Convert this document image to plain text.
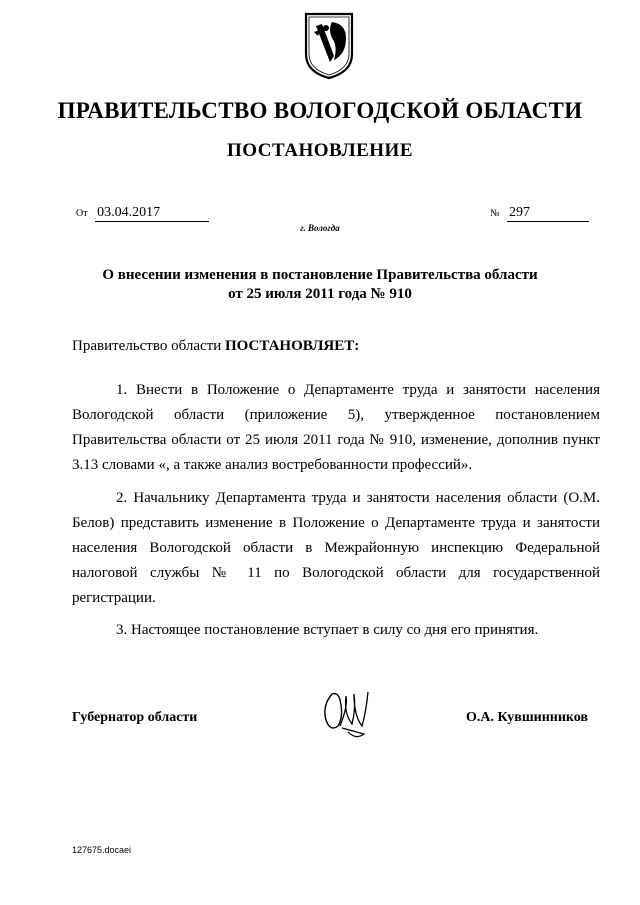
ПРАВИТЕЛЬСТВО ВОЛОГОДСКОЙ ОБЛАСТИ
ПОСТАНОВЛЕНИЕ
От 03.04.2017	№ 297
г. Вологда
О внесении изменения в постановление Правительства области
от 25 июля 2011 года № 910
Правительство области ПОСТАНОВЛЯЕТ:
1. Внести в Положение о Департаменте труда и занятости населения Вологодской области (приложение 5), утвержденное постановлением Правительства области от 25 июля 2011 года № 910, изменение, дополнив пункт 3.13 словами «, а также анализ востребованности профессий».
2. Начальнику Департамента труда и занятости населения области (О.М. Белов) представить изменение в Положение о Департаменте труда и занятости населения Вологодской области в Межрайонную инспекцию Федеральной налоговой службы № 11 по Вологодской области для государственной регистрации.
3. Настоящее постановление вступает в силу со дня его принятия.
Губернатор области	О.А. Кувшинников
127675.docaei
